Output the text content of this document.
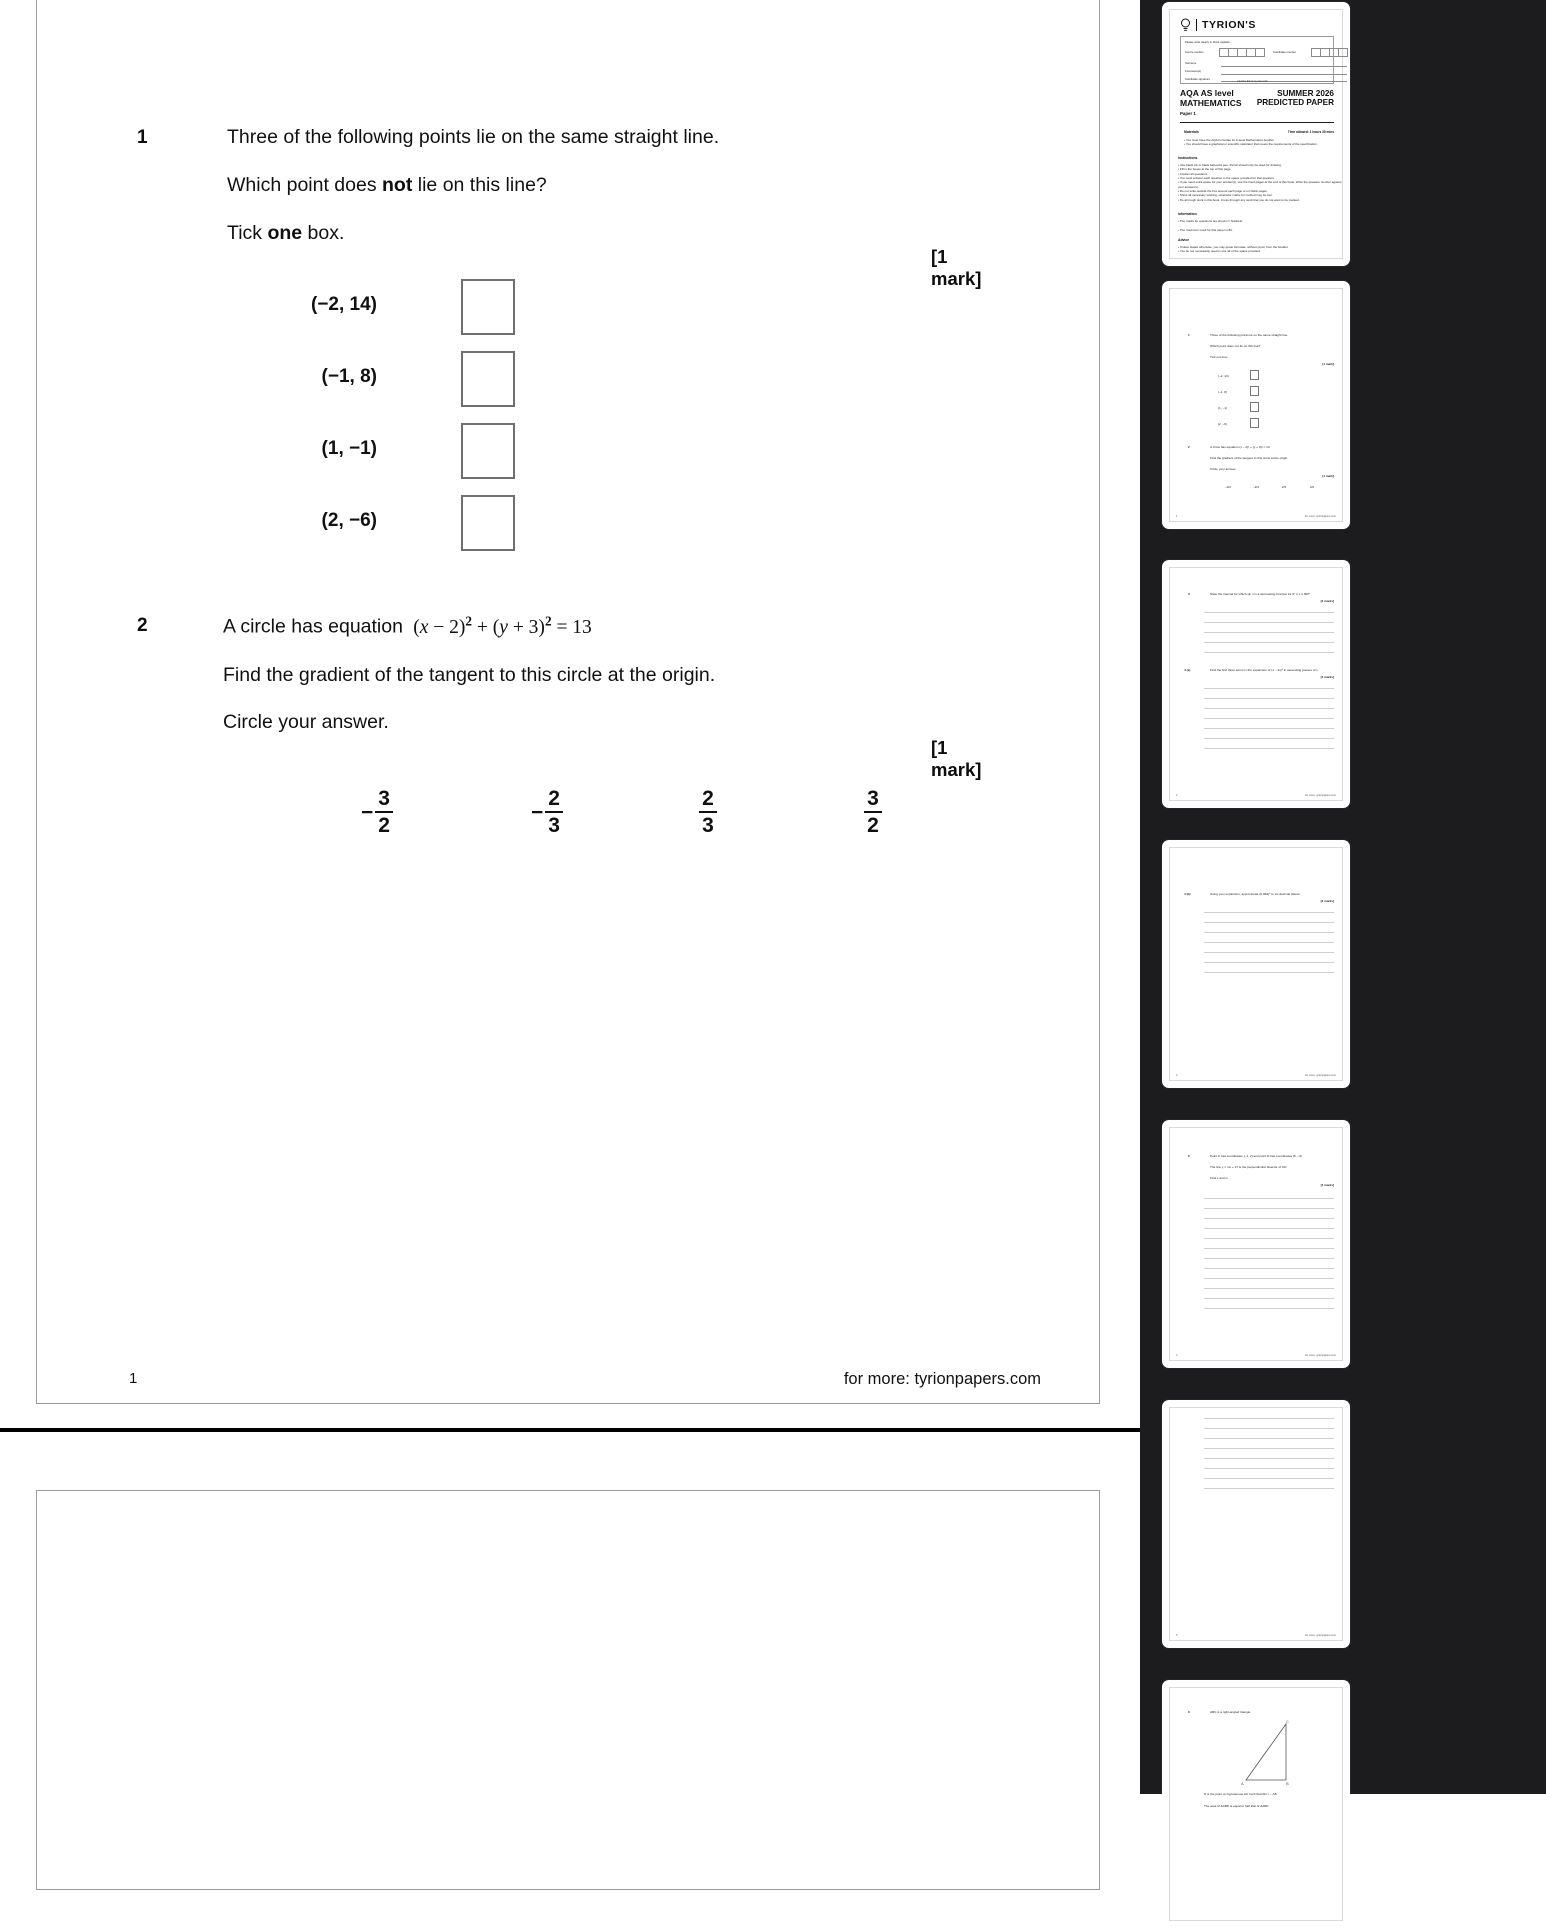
1	Three of the following points lie on the same straight line.
Which point does not lie on this line?
Tick one box.
[1 mark]
(−2, 14)
(−1, 8)
(1, −1)
(2, −6)
2	A circle has equation  $(x - 2)^2 + (y + 3)^2 = 13$
Find the gradient of the tangent to this circle at the origin.
Circle your answer.
[1 mark]
− $\frac{3}{2}$	− $\frac{2}{3}$	$\frac{2}{3}$	$\frac{3}{2}$
1	for more: tyrionpapers.com
TYRION'S
Please write clearly in block capitals.
Centre number	Candidate number
Surname
Forename(s)
Candidate signature
I declare this is my own work
AQA AS level
MATHEMATICS
Paper 1
SUMMER 2026
PREDICTED PAPER
Time allowed: 1 hours 30 mins
Materials
• You must have the AQA Formulae for A-level Mathematics booklet.
• You should have a graphical or scientific calculator that meets the requirements of the specification.
Instructions
• Use black ink or black ball-point pen. Pencil should only be used for drawing.
• Fill in the boxes at the top of this page.
• Answer all questions.
• You must answer each question in the space provided for that question.
• If you need extra space for your answer(s), use the lined pages at the end of this book. Write the question number against your answer(s).
• Do not write outside the box around each page or on blank pages.
• Show all necessary working; otherwise marks for method may be lost.
• Do all rough work in this book. Cross through any work that you do not want to be marked.
Information
• The marks for questions are shown in brackets.

• The maximum mark for this paper is 80.
Advice
• Unless stated otherwise, you may quote formulae, without proof, from the booklet.
• You do not necessarily need to use all of the space provided.
1	Three of the following points lie on the same straight line.
Which point does not lie on this line?
Tick one box.
[1 mark]
(–2, 14)
(–1, 8)
(1, –1)
(2, –6)
2	A circle has equation (x – 2)² + (y + 3)² = 13
Find the gradient of the tangent to this circle at the origin.
Circle your answer.
[1 mark]
–3/2	–2/3	2/3	3/2
1	for more: tyrionpapers.com
3	State the interval for which sin x is a decreasing function for 0° ≤ x ≤ 360°
[2 marks]
4 (a)	Find the first three terms in the expansion of (1 – 3x)⁶ in ascending powers of x
[3 marks]
2	for more: tyrionpapers.com
4 (b)	Using your expansion, approximate (0.994)⁶ to six decimal places.
[2 marks]
3	for more: tyrionpapers.com
5	Point C has coordinates (–1, 2) and point D has coordinates (5, –4)
The line y = mx + 17 is the perpendicular bisector of CD.
Find c and m
[4 marks]
4	for more: tyrionpapers.com
5	for more: tyrionpapers.com
6	ABC is a right-angled triangle.
A	B
C
D is the point on hypotenuse AC such that AD = – AB
The area of ΔABD is equal to half that of ΔABC
